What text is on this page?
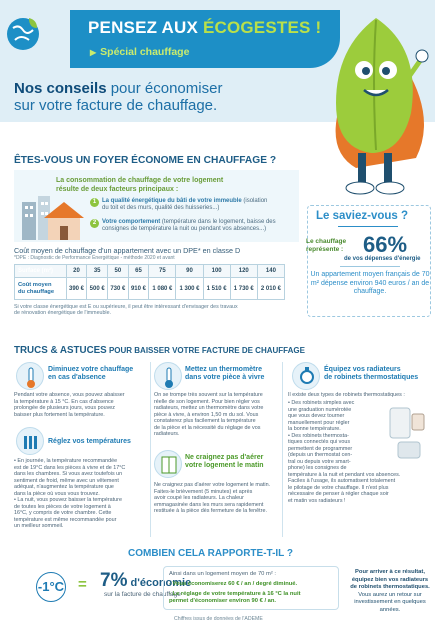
PENSEZ AUX ÉCOGESTES !
▶ Spécial chauffage
Nos conseils pour économiser
sur votre facture de chauffage.
ÊTES-VOUS UN FOYER ÉCONOME EN CHAUFFAGE ?
La consommation de chauffage de votre logement
résulte de deux facteurs principaux :
1 La qualité énergétique du bâti de votre immeuble (isolation
du toit et des murs, qualité des huisseries...)
2 Votre comportement (température dans le logement, baisse des
consignes de température la nuit ou pendant vos absences...)
Coût moyen de chauffage d'un appartement avec un DPE* en classe D
*DPE : Diagnostic de Performance Énergétique - méthode 2020 et avant
Surface (m²)	20	35	50	65	75	90	100	120	140
Coût moyen
du chauffage	390 €	500 €	730 €	910 €	1 080 €	1 300 €	1 510 €	1 730 €	2 010 €
Si votre classe énergétique est E ou supérieure, il peut être intéressant d'envisager des travaux
de rénovation énergétique de l'immeuble.
Le saviez-vous ?
Le chauffage
représente : 66%
de vos dépenses d'énergie
Un appartement moyen français de 70 m² dépense environ 940 euros / an de chauffage.
TRUCS & ASTUCES POUR BAISSER VOTRE FACTURE DE CHAUFFAGE
Diminuez votre chauffage
en cas d'absence
Pendant votre absence, vous pouvez abaisser
la température à 15 °C. En cas d'absence
prolongée de plusieurs jours, vous pouvez
baisser plus fortement la température.
Réglez vos températures
• En journée, la température recommandée
est de 19°C dans les pièces à vivre et de 17°C
dans les chambres. Si vous avez toutefois un
sentiment de froid, même avec un vêtement
adéquat, n'augmentez la température que
dans la pièce où vous vous trouvez.
• La nuit, vous pouvez baisser la température
de toutes les pièces de votre logement à
16°C, y compris de votre chambre. Cette
température est même recommandée pour
un meilleur sommeil.
Mettez un thermomètre
dans votre pièce à vivre
On se trompe très souvent sur la température
réelle de son logement. Pour bien régler vos
radiateurs, mettez un thermomètre dans votre
pièce à vivre, à environ 1,50 m du sol. Vous
constaterez plus facilement la température
de la pièce et la nécessité du réglage de vos
radiateurs.
Ne craignez pas d'aérer
votre logement le matin
Ne craignez pas d'aérer votre logement le matin.
Faites-le brièvement (5 minutes) et après
avoir coupé les radiateurs. La chaleur
emmagasinée dans les murs sera rapidement
restituée à la pièce dès fermeture de la fenêtre.
Équipez vos radiateurs
de robinets thermostatiques
Il existe deux types de robinets thermostatiques :
• Des robinets simples avec
une graduation numérotée
que vous devez tourner
manuellement pour régler
la bonne température.
• Des robinets thermosta-
tiques connectés qui vous
permettent de programmer
(depuis un thermostat cen-
tral ou depuis votre smart-
phone) les consignes de
température à la nuit et pendant vos absences.
Faciles à l'usage, ils automatisent totalement
le pilotage de votre chauffage. Il n'est plus
nécessaire de penser à régler chaque soir
et matin vos radiateurs !
COMBIEN CELA RAPPORTE-T-IL ?
-1°C = 7% d'économie
sur la facture de chauffage
Ainsi dans un logement moyen de 70 m² :
- Vous économiserez 60 € / an / degré diminué.
- Le réglage de votre température à 16 °C la nuit
permet d'économiser environ 90 € / an.
Pour arriver à ce résultat,
équipez bien vos radiateurs
de robinets thermostatiques.
Vous aurez un retour sur
investissement en quelques années.
Chiffres issus de données de l'ADEME
